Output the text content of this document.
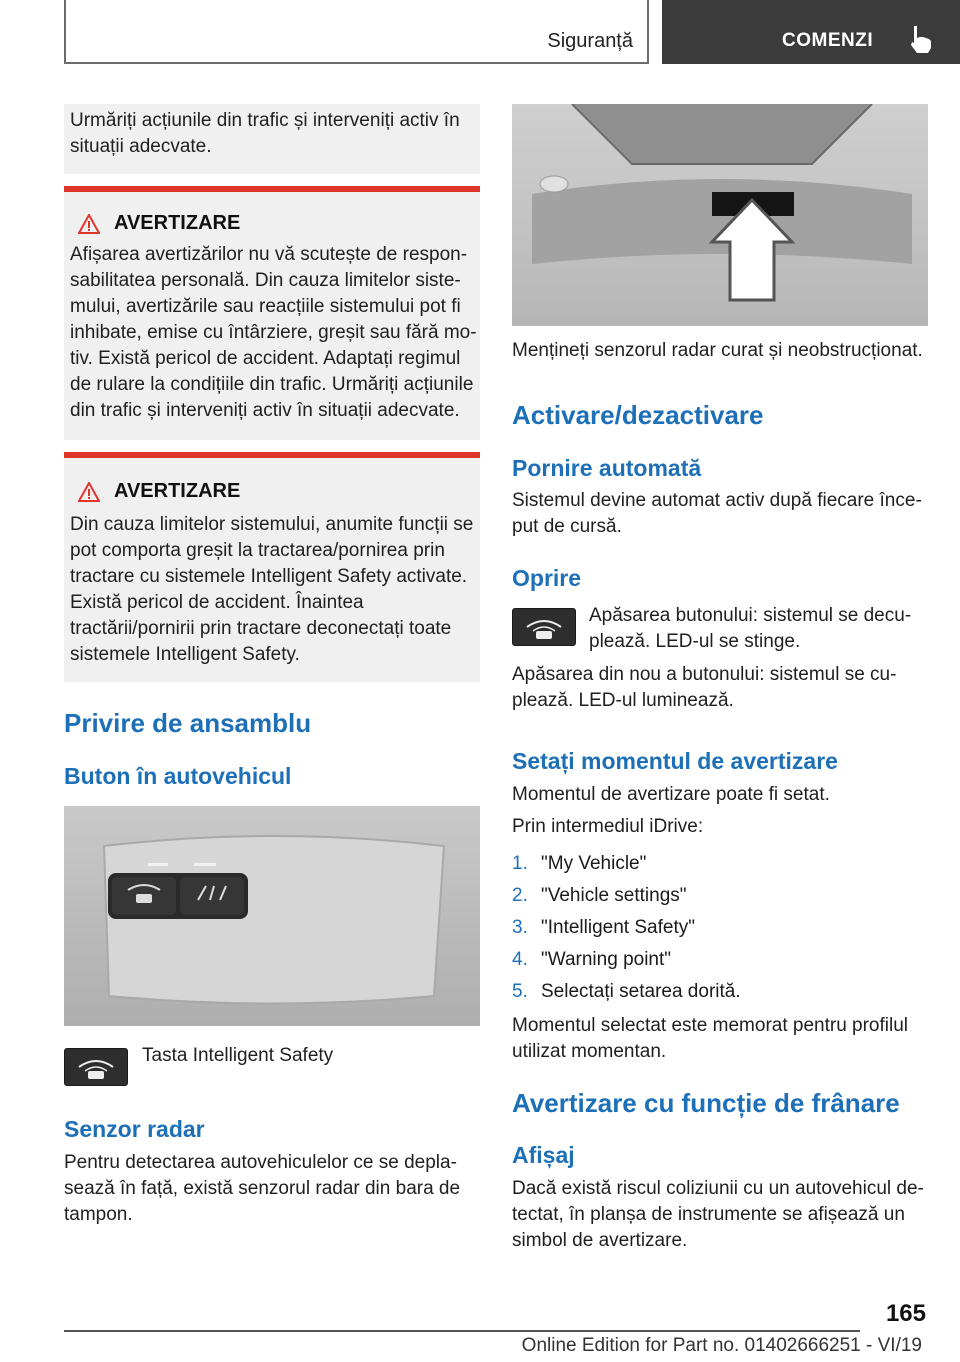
Siguranță	COMENZI
Urmăriți acțiunile din trafic și interveniți activ în situații adecvate.
AVERTIZARE
Afișarea avertizărilor nu vă scutește de responsabilitatea personală. Din cauza limitelor sistemului, avertizările sau reacțiile sistemului pot fi inhibate, emise cu întârziere, greșit sau fără motiv. Există pericol de accident. Adaptați regimul de rulare la condițiile din trafic. Urmăriți acțiunile din trafic și interveniți activ în situații adecvate.
AVERTIZARE
Din cauza limitelor sistemului, anumite funcții se pot comporta greșit la tractarea/pornirea prin tractare cu sistemele Intelligent Safety activate. Există pericol de accident. Înaintea tractării/pornirii prin tractare deconectați toate sistemele Intelligent Safety.
Privire de ansamblu
Buton în autovehicul
Tasta Intelligent Safety
Senzor radar
Pentru detectarea autovehiculelor ce se deplasează în față, există senzorul radar din bara de tampon.
Mențineți senzorul radar curat și neobstrucționat.
Activare/dezactivare
Pornire automată
Sistemul devine automat activ după fiecare început de cursă.
Oprire
Apăsarea butonului: sistemul se decuplează. LED-ul se stinge.
Apăsarea din nou a butonului: sistemul se cuplează. LED-ul luminează.
Setați momentul de avertizare
Momentul de avertizare poate fi setat.
Prin intermediul iDrive:
1. "My Vehicle"
2. "Vehicle settings"
3. "Intelligent Safety"
4. "Warning point"
5. Selectați setarea dorită.
Momentul selectat este memorat pentru profilul utilizat momentan.
Avertizare cu funcție de frânare
Afișaj
Dacă există riscul coliziunii cu un autovehicul detectat, în planșa de instrumente se afișează un simbol de avertizare.
165
Online Edition for Part no. 01402666251 - VI/19
